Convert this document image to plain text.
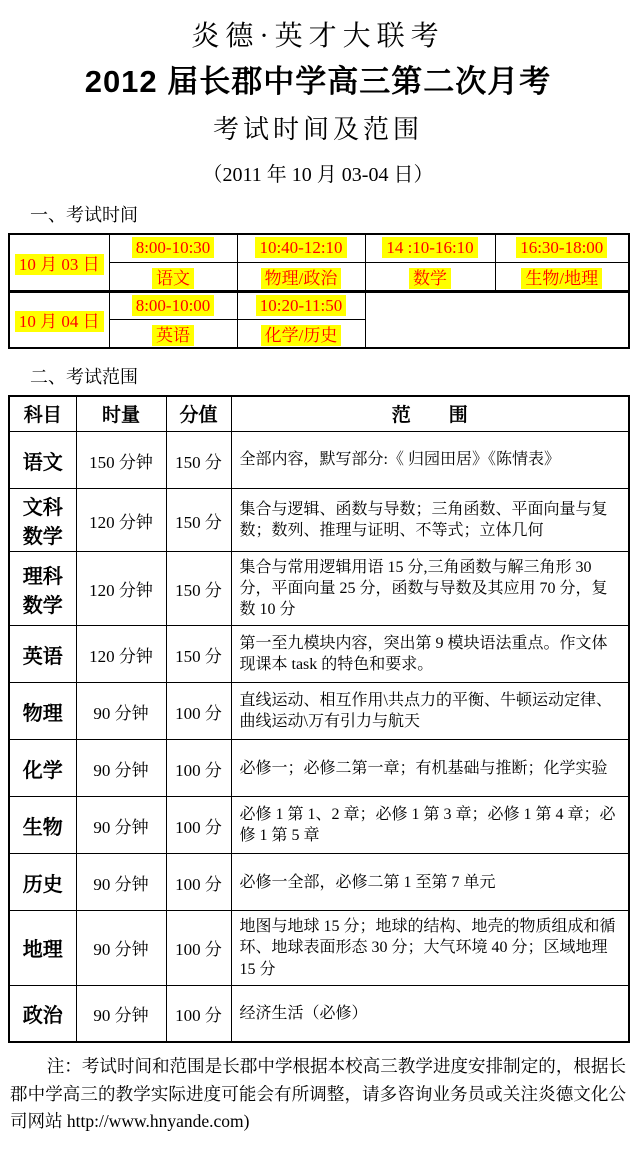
炎德·英才大联考

2012 届长郡中学高三第二次月考

考试时间及范围

（2011 年 10 月 03-04 日）

一、考试时间

10 月 03 日	8:00-10:30	10:40-12:10	14 :10-16:10	16:30-18:00
	语文	物理/政治	数学	生物/地理
10 月 04 日	8:00-10:00	10:20-11:50		
	英语	化学/历史		

二、考试范围

科目	时量	分值	范　　围
语文	150 分钟	150 分	全部内容，默写部分:《 归园田居》《陈情表》
文科数学	120 分钟	150 分	集合与逻辑、函数与导数；三角函数、平面向量与复数；数列、推理与证明、不等式；立体几何
理科数学	120 分钟	150 分	集合与常用逻辑用语 15 分,三角函数与解三角形 30 分，平面向量 25 分，函数与导数及其应用 70 分，复数 10 分
英语	120 分钟	150 分	第一至九模块内容，突出第 9 模块语法重点。作文体现课本 task 的特色和要求。
物理	90 分钟	100 分	直线运动、相互作用\共点力的平衡、牛顿运动定律、曲线运动\万有引力与航天
化学	90 分钟	100 分	必修一；必修二第一章；有机基础与推断；化学实验
生物	90 分钟	100 分	必修 1 第 1、2 章；必修 1 第 3 章；必修 1 第 4 章；必修 1 第 5 章
历史	90 分钟	100 分	必修一全部，必修二第 1 至第 7 单元
地理	90 分钟	100 分	地图与地球 15 分；地球的结构、地壳的物质组成和循环、地球表面形态 30 分；大气环境 40 分；区域地理 15 分
政治	90 分钟	100 分	经济生活（必修）

注：考试时间和范围是长郡中学根据本校高三教学进度安排制定的，根据长郡中学高三的教学实际进度可能会有所调整，请多咨询业务员或关注炎德文化公司网站 http://www.hnyande.com)
